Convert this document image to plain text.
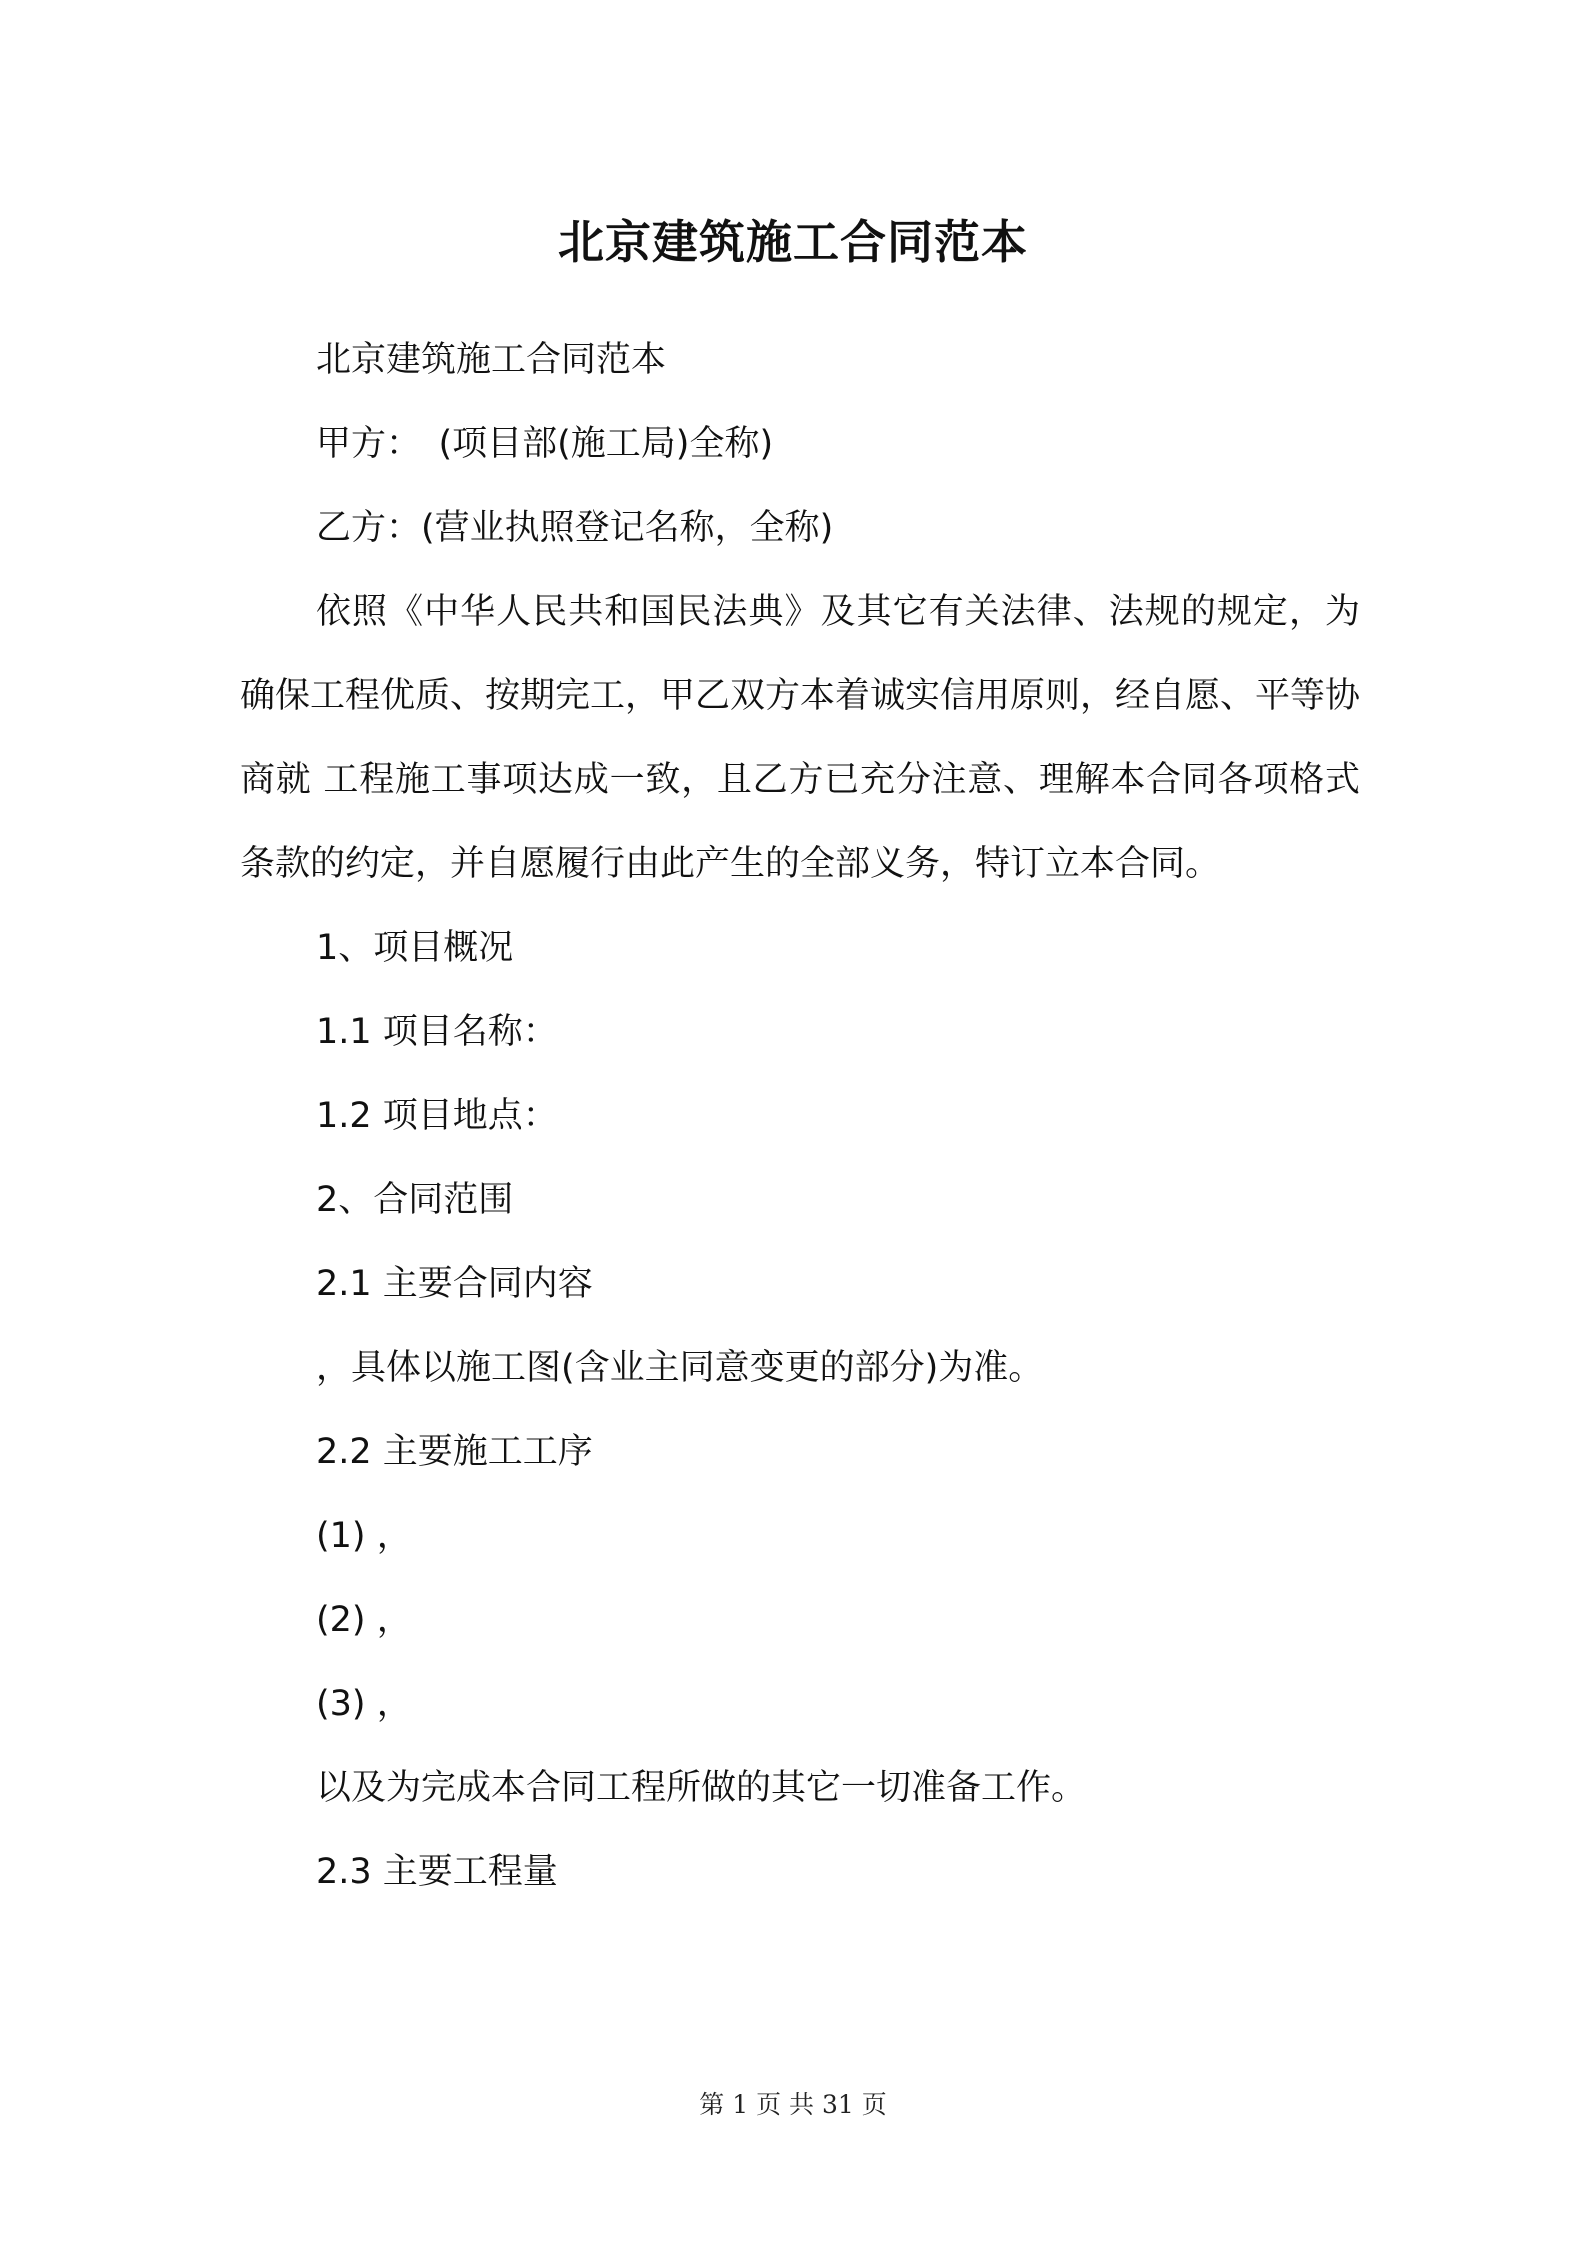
北京建筑施工合同范本

北京建筑施工合同范本

甲方：　(项目部(施工局)全称)

乙方：(营业执照登记名称，全称)

依照《中华人民共和国民法典》及其它有关法律、法规的规定，为确保工程优质、按期完工，甲乙双方本着诚实信用原则，经自愿、平等协商就 工程施工事项达成一致，且乙方已充分注意、理解本合同各项格式条款的约定，并自愿履行由此产生的全部义务，特订立本合同。

1、项目概况

1.1 项目名称：

1.2 项目地点：

2、合同范围

2.1 主要合同内容

，具体以施工图(含业主同意变更的部分)为准。

2.2 主要施工工序

(1) ，

(2) ，

(3) ，

以及为完成本合同工程所做的其它一切准备工作。

2.3 主要工程量

第 1 页 共 31 页
